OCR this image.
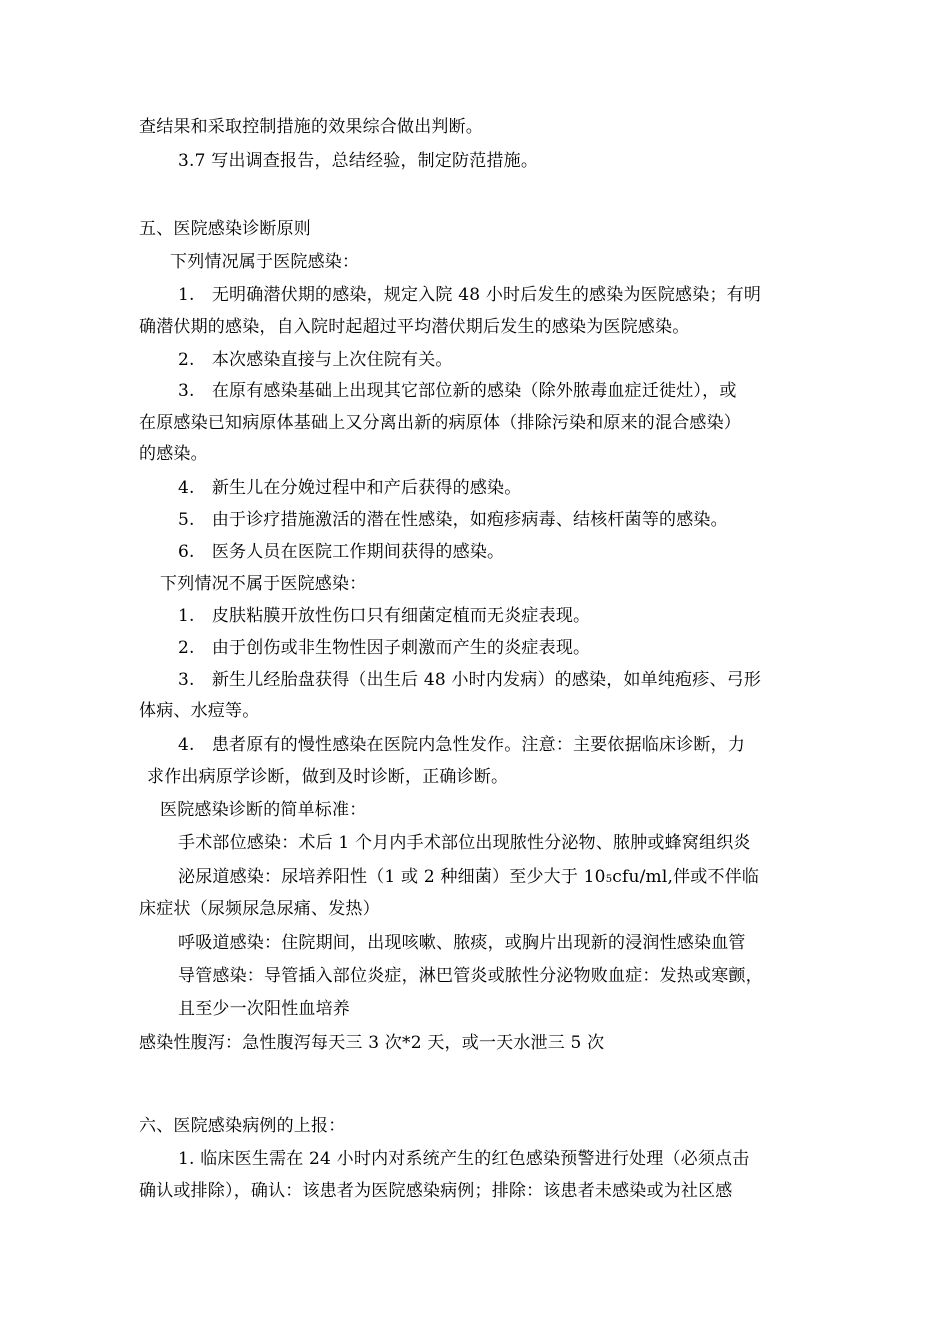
查结果和采取控制措施的效果综合做出判断。
3.7 写出调查报告，总结经验，制定防范措施。
五、医院感染诊断原则
下列情况属于医院感染：
1.　无明确潜伏期的感染，规定入院 48 小时后发生的感染为医院感染；有明
确潜伏期的感染，自入院时起超过平均潜伏期后发生的感染为医院感染。
2.　本次感染直接与上次住院有关。
3.　在原有感染基础上出现其它部位新的感染（除外脓毒血症迁徙灶），或
在原感染已知病原体基础上又分离出新的病原体（排除污染和原来的混合感染）
的感染。
4.　新生儿在分娩过程中和产后获得的感染。
5.　由于诊疗措施激活的潜在性感染，如疱疹病毒、结核杆菌等的感染。
6.　医务人员在医院工作期间获得的感染。
下列情况不属于医院感染：
1.　皮肤粘膜开放性伤口只有细菌定植而无炎症表现。
2.　由于创伤或非生物性因子刺激而产生的炎症表现。
3.　新生儿经胎盘获得（出生后 48 小时内发病）的感染，如单纯疱疹、弓形
体病、水痘等。
4.　患者原有的慢性感染在医院内急性发作。注意：主要依据临床诊断，力
求作出病原学诊断，做到及时诊断，正确诊断。
医院感染诊断的简单标准：
手术部位感染：术后 1 个月内手术部位出现脓性分泌物、脓肿或蜂窝组织炎
泌尿道感染：尿培养阳性（1 或 2 种细菌）至少大于 105cfu/ml,伴或不伴临
床症状（尿频尿急尿痛、发热）
呼吸道感染：住院期间，出现咳嗽、脓痰，或胸片出现新的浸润性感染血管
导管感染：导管插入部位炎症，淋巴管炎或脓性分泌物败血症：发热或寒颤，
且至少一次阳性血培养
感染性腹泻：急性腹泻每天三 3 次*2 天，或一天水泄三 5 次
六、医院感染病例的上报：
1. 临床医生需在 24 小时内对系统产生的红色感染预警进行处理（必须点击
确认或排除），确认：该患者为医院感染病例；排除：该患者未感染或为社区感
